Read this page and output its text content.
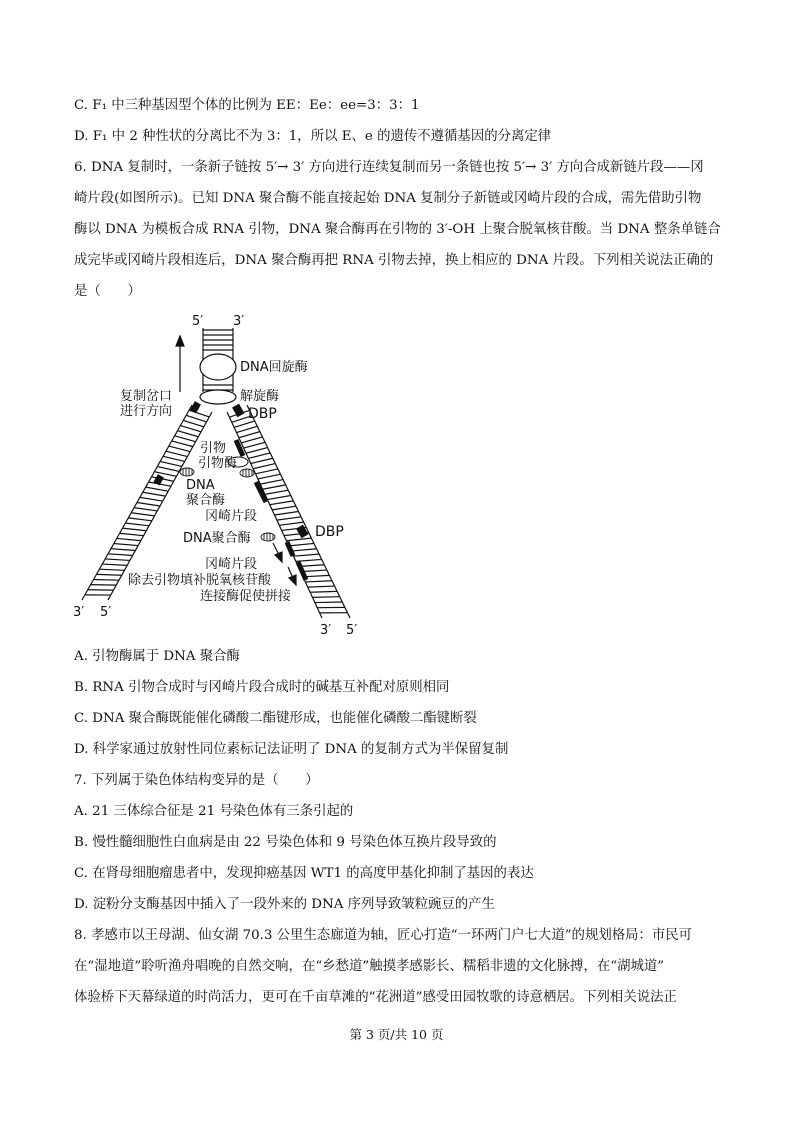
C. F₁ 中三种基因型个体的比例为 EE：Ee：ee=3：3：1
D. F₁ 中 2 种性状的分离比不为 3：1，所以 E、e 的遗传不遵循基因的分离定律
6. DNA 复制时，一条新子链按 5′→ 3′ 方向进行连续复制而另一条链也按 5′→ 3′ 方向合成新链片段——冈
崎片段(如图所示)。已知 DNA 聚合酶不能直接起始 DNA 复制分子新链或冈崎片段的合成，需先借助引物
酶以 DNA 为模板合成 RNA 引物，DNA 聚合酶再在引物的 3′-OH 上聚合脱氧核苷酸。当 DNA 整条单链合
成完毕或冈崎片段相连后，DNA 聚合酶再把 RNA 引物去掉，换上相应的 DNA 片段。下列相关说法正确的
是（　　）
5′ 3′
DNA回旋酶
解旋酶
DBP
复制岔口
进行方向
引物
引物酶
DNA
聚合酶
冈崎片段
DBP
DNA聚合酶
冈崎片段
除去引物填补脱氧核苷酸
连接酶促使拼接
3′ 5′
3′ 5′
A. 引物酶属于 DNA 聚合酶
B. RNA 引物合成时与冈崎片段合成时的碱基互补配对原则相同
C. DNA 聚合酶既能催化磷酸二酯键形成，也能催化磷酸二酯键断裂
D. 科学家通过放射性同位素标记法证明了 DNA 的复制方式为半保留复制
7. 下列属于染色体结构变异的是（　　）
A. 21 三体综合征是 21 号染色体有三条引起的
B. 慢性髓细胞性白血病是由 22 号染色体和 9 号染色体互换片段导致的
C. 在肾母细胞瘤患者中，发现抑癌基因 WT1 的高度甲基化抑制了基因的表达
D. 淀粉分支酶基因中插入了一段外来的 DNA 序列导致皱粒豌豆的产生
8. 孝感市以王母湖、仙女湖 70.3 公里生态廊道为轴，匠心打造“一环两门户七大道”的规划格局：市民可
在“湿地道”聆听渔舟唱晚的自然交响，在“乡愁道”触摸孝感影长、糯稻非遗的文化脉搏，在“湖城道”
体验桥下天幕绿道的时尚活力，更可在千亩草滩的“花洲道”感受田园牧歌的诗意栖居。下列相关说法正
第 3 页/共 10 页
